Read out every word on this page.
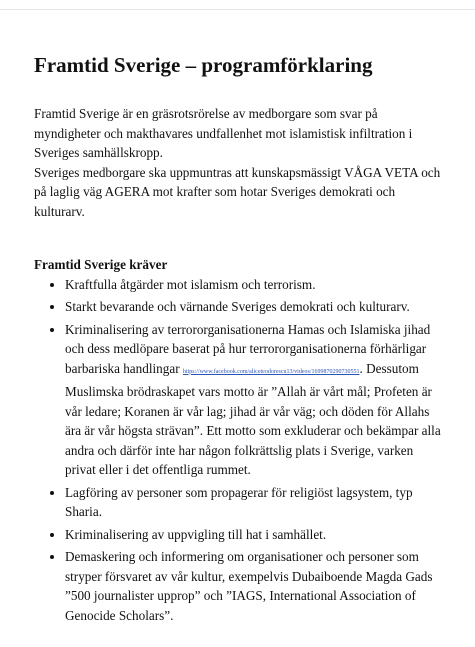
Framtid Sverige – programförklaring

Framtid Sverige är en gräsrotsrörelse av medborgare som svar på myndigheter och makthavares undfallenhet mot islamistisk infiltration i Sveriges samhällskropp.

Sveriges medborgare ska uppmuntras att kunskapsmässigt VÅGA VETA och på laglig väg AGERA mot krafter som hotar Sveriges demokrati och kulturarv.

Framtid Sverige kräver
• Kraftfulla åtgärder mot islamism och terrorism.
• Starkt bevarande och värnande Sveriges demokrati och kulturarv.
• Kriminalisering av terrororganisationerna Hamas och Islamiska jihad och dess medlöpare baserat på hur terrororganisationerna förhärligar barbariska handlingar https://www.facebook.com/aliceteodorescu13/videos/1699870290730551. Dessutom Muslimska brödraskapet vars motto är ”Allah är vårt mål; Profeten är vår ledare; Koranen är vår lag; jihad är vår väg; och döden för Allahs ära är vår högsta strävan”. Ett motto som exkluderar och bekämpar alla andra och därför inte har någon folkrättslig plats i Sverige, varken privat eller i det offentliga rummet.
• Lagföring av personer som propagerar för religiöst lagsystem, typ Sharia.
• Kriminalisering av uppvigling till hat i samhället.
• Demaskering och informering om organisationer och personer som stryper försvaret av vår kultur, exempelvis Dubaiboende Magda Gads ”500 journalister upprop” och ”IAGS, International Association of Genocide Scholars”.
